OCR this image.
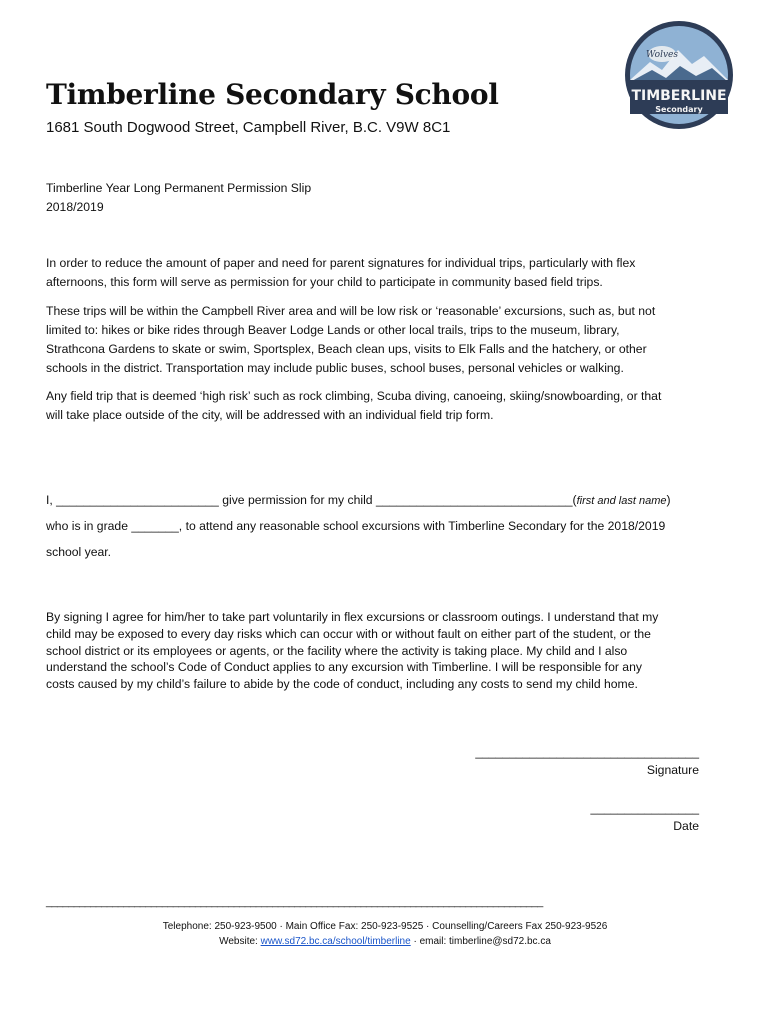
Wolves
TIMBERLINE
Secondary
Timberline Secondary School
1681 South Dogwood Street, Campbell River, B.C. V9W 8C1
Timberline Year Long Permanent Permission Slip
2018/2019
In order to reduce the amount of paper and need for parent signatures for individual trips, particularly with flex
afternoons, this form will serve as permission for your child to participate in community based field trips.
These trips will be within the Campbell River area and will be low risk or ‘reasonable’ excursions, such as, but not
limited to: hikes or bike rides through Beaver Lodge Lands or other local trails, trips to the museum, library,
Strathcona Gardens to skate or swim, Sportsplex, Beach clean ups, visits to Elk Falls and the hatchery, or other
schools in the district. Transportation may include public buses, school buses, personal vehicles or walking.
Any field trip that is deemed ‘high risk’ such as rock climbing, Scuba diving, canoeing, skiing/snowboarding, or that
will take place outside of the city, will be addressed with an individual field trip form.
I, ________________________ give permission for my child _____________________________(first and last name)
who is in grade _______, to attend any reasonable school excursions with Timberline Secondary for the 2018/2019
school year.
By signing I agree for him/her to take part voluntarily in flex excursions or classroom outings. I understand that my
child may be exposed to every day risks which can occur with or without fault on either part of the student, or the
school district or its employees or agents, or the facility where the activity is taking place. My child and I also
understand the school’s Code of Conduct applies to any excursion with Timberline. I will be responsible for any
costs caused by my child’s failure to abide by the code of conduct, including any costs to send my child home.
_________________________________
Signature
________________
Date
__________________________________________________________________________________________
Telephone: 250-923-9500 · Main Office Fax: 250-923-9525 · Counselling/Careers Fax 250-923-9526
Website: www.sd72.bc.ca/school/timberline · email: timberline@sd72.bc.ca
